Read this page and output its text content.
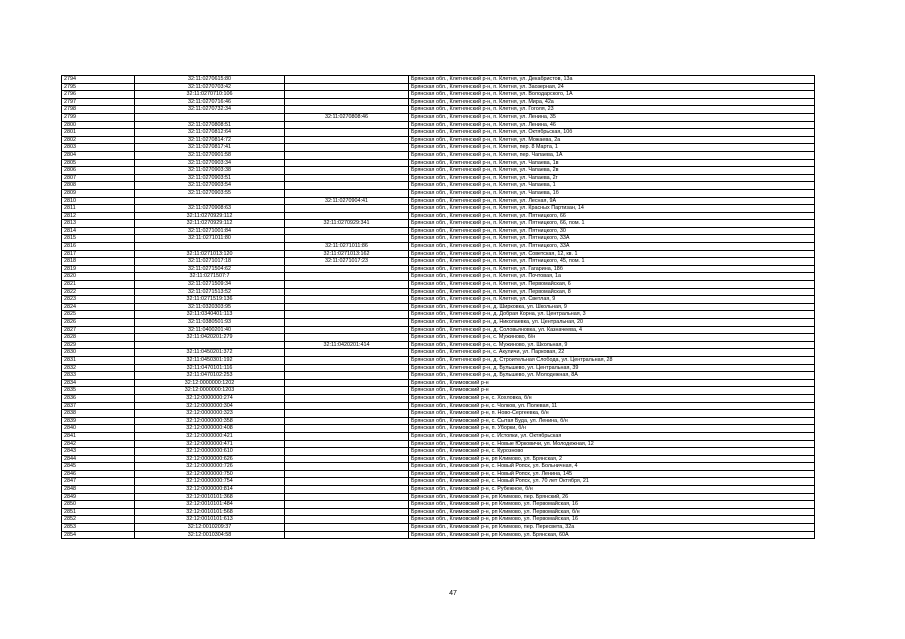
2794	32:11:0270615:80		Брянская обл., Клетнянский р-н, п. Клетня, ул. Декабристов, 13а
2795	32:11:0270703:42		Брянская обл., Клетнянский р-н, п. Клетня, ул. Заозерная, 24
2796	32:11:0270710:106		Брянская обл., Клетнянский р-н, п. Клетня, ул. Володарского, 1А
2797	32:11:0270716:46		Брянская обл., Клетнянский р-н, п. Клетня, ул. Мира, 42а
2798	32:11:0270732:34		Брянская обл., Клетнянский р-н, п. Клетня, ул. Гоголя, 23
2799		32:11:0270808:46	Брянская обл., Клетнянский р-н, п. Клетня, ул. Ленина, 35
2800	32:11:0270808:51		Брянская обл., Клетнянский р-н, п. Клетня, ул. Ленина, 46
2801	32:11:0270812:64		Брянская обл., Клетнянский р-н, п. Клетня, ул. Октябрьская, 10б
2802	32:11:0270814:72		Брянская обл., Клетнянский р-н, п. Клетня, ул. Можаева, 2а
2803	32:11:0270817:41		Брянская обл., Клетнянский р-н, п. Клетня, пер. 8 Марта, 1
2804	32:11:0270901:58		Брянская обл., Клетнянский р-н, п. Клетня, пер. Чапаева, 1А
2805	32:11:0270903:34		Брянская обл., Клетнянский р-н, п. Клетня, ул. Чапаева, 1в
2806	32:11:0270903:38		Брянская обл., Клетнянский р-н, п. Клетня, ул. Чапаева, 2в
2807	32:11:0270903:51		Брянская обл., Клетнянский р-н, п. Клетня, ул. Чапаева, 2г
2808	32:11:0270903:54		Брянская обл., Клетнянский р-н, п. Клетня, ул. Чапаева, 1
2809	32:11:0270903:55		Брянская обл., Клетнянский р-н, п. Клетня, ул. Чапаева, 1б
2810		32:11:0270904:41	Брянская обл., Клетнянский р-н, п. Клетня, ул. Лесная, 9А
2811	32:11:0270908:63		Брянская обл., Клетнянский р-н, п. Клетня, ул. Красных Партизан, 14
2812	32:11:0270929:112		Брянская обл., Клетнянский р-н, п. Клетня, ул. Пятницкого, 66
2813	32:11:0270929:112	32:11:0270929:341	Брянская обл., Клетнянский р-н, п. Клетня, ул. Пятницкого, 66, пом. 1
2814	32:11:0271001:84		Брянская обл., Клетнянский р-н, п. Клетня, ул. Пятницкого, 30
2815	32:11:0271011:80		Брянская обл., Клетнянский р-н, п. Клетня, ул. Пятницкого, 33А
2816		32:11:0271011:86	Брянская обл., Клетнянский р-н, п. Клетня, ул. Пятницкого, 33А
2817	32:11:0271013:120	32:11:0271013:162	Брянская обл., Клетнянский р-н, п. Клетня, ул. Советская, 12, кв. 1
2818	32:11:0271017:18	32:11:0271017:23	Брянская обл., Клетнянский р-н, п. Клетня, ул. Пятницкого, 45, пом. 1
2819	32:11:0271504:62		Брянская обл., Клетнянский р-н, п. Клетня, ул. Гагарина, 18б
2820	32:11:0271507:7		Брянская обл., Клетнянский р-н, п. Клетня, ул. Почтовая, 1а
2821	32:11:0271509:34		Брянская обл., Клетнянский р-н, п. Клетня, ул. Первомайская, 6
2822	32:11:0271513:52		Брянская обл., Клетнянский р-н, п. Клетня, ул. Первомайская, 8
2823	32:11:0271519:136		Брянская обл., Клетнянский р-н, п. Клетня, ул. Светлая, 9
2824	32:11:0320303:95		Брянская обл., Клетнянский р-н, д. Ширковка, ул. Школьная, 9
2825	32:11:0340401:113		Брянская обл., Клетнянский р-н, д. Добрая Корна, ул. Центральная, 3
2826	32:11:0380501:93		Брянская обл., Клетнянский р-н, д. Николаевка, ул. Центральная, 20
2827	32:11:0400201:40		Брянская обл., Клетнянский р-н, д. Соловьяновка, ул. Казначеева, 4
2828	32:11:0420201:279		Брянская обл., Клетнянский р-н, с. Мужиново, б/н
2829		32:11:0420201:414	Брянская обл., Клетнянский р-н, с. Мужиново, ул. Школьная, 9
2830	32:11:0450201:372		Брянская обл., Клетнянский р-н, с. Акуличи, ул. Парковая, 22
2831	32:11:0450301:192		Брянская обл., Клетнянский р-н, д. Строительная Слобода, ул. Центральная, 28
2832	32:11:0470101:116		Брянская обл., Клетнянский р-н, д. Бульшево, ул. Центральная, 39
2833	32:11:0470102:253		Брянская обл., Клетнянский р-н, д. Бульшево, ул. Молодежная, 8А
2834	32:12:0000000:1202		Брянская обл., Климовский р-н
2835	32:12:0000000:1203		Брянская обл., Климовский р-н
2836	32:12:0000000:274		Брянская обл., Климовский р-н, с. Хохловка, б/н
2837	32:12:0000000:304		Брянская обл., Климовский р-н, с. Чолков, ул. Полевая, 11
2838	32:12:0000000:323		Брянская обл., Климовский р-н, п. Ново-Сергеевка, б/н
2839	32:12:0000000:358		Брянская обл., Климовский р-н, с. Сытая Буда, ул. Ленина, б/н
2840	32:12:0000000:408		Брянская обл., Климовский р-н, п. Уборки, б/н
2841	32:12:0000000:421		Брянская обл., Климовский р-н, с. Истопки, ул. Октябрьская
2842	32:12:0000000:471		Брянская обл., Климовский р-н, с. Новые Юрковичи, ул. Молодежная, 12
2843	32:12:0000000:610		Брянская обл., Климовский р-н, с. Курозново
2844	32:12:0000000:626		Брянская обл., Климовский р-н, рп Климово, ул. Брянская, 2
2845	32:12:0000000:726		Брянская обл., Климовский р-н, с. Новый Ропск, ул. Больничная, 4
2846	32:12:0000000:750		Брянская обл., Климовский р-н, с. Новый Ропск, ул. Ленина, 145
2847	32:12:0000000:754		Брянская обл., Климовский р-н, с. Новый Ропск, ул. 70 лет Октября, 21
2848	32:12:0000000:814		Брянская обл., Климовский р-н, с. Рубежное, б/н
2849	32:12:0010101:368		Брянская обл., Климовский р-н, рп Климово, пер. Брянский, 26
2850	32:12:0010101:484		Брянская обл., Климовский р-н, рп Климово, ул. Первомайская, 16
2851	32:12:0010101:568		Брянская обл., Климовский р-н, рп Климово, ул. Первомайская, б/н
2852	32:12:0010101:613		Брянская обл., Климовский р-н, рп Климово, ул. Первомайская, 16
2853	32:12:0010209:37		Брянская обл., Климовский р-н, рп Климово, пер. Пересвета, 32а
2854	32:12:0010304:58		Брянская обл., Климовский р-н, рп Климово, ул. Брянская, 60А
47
